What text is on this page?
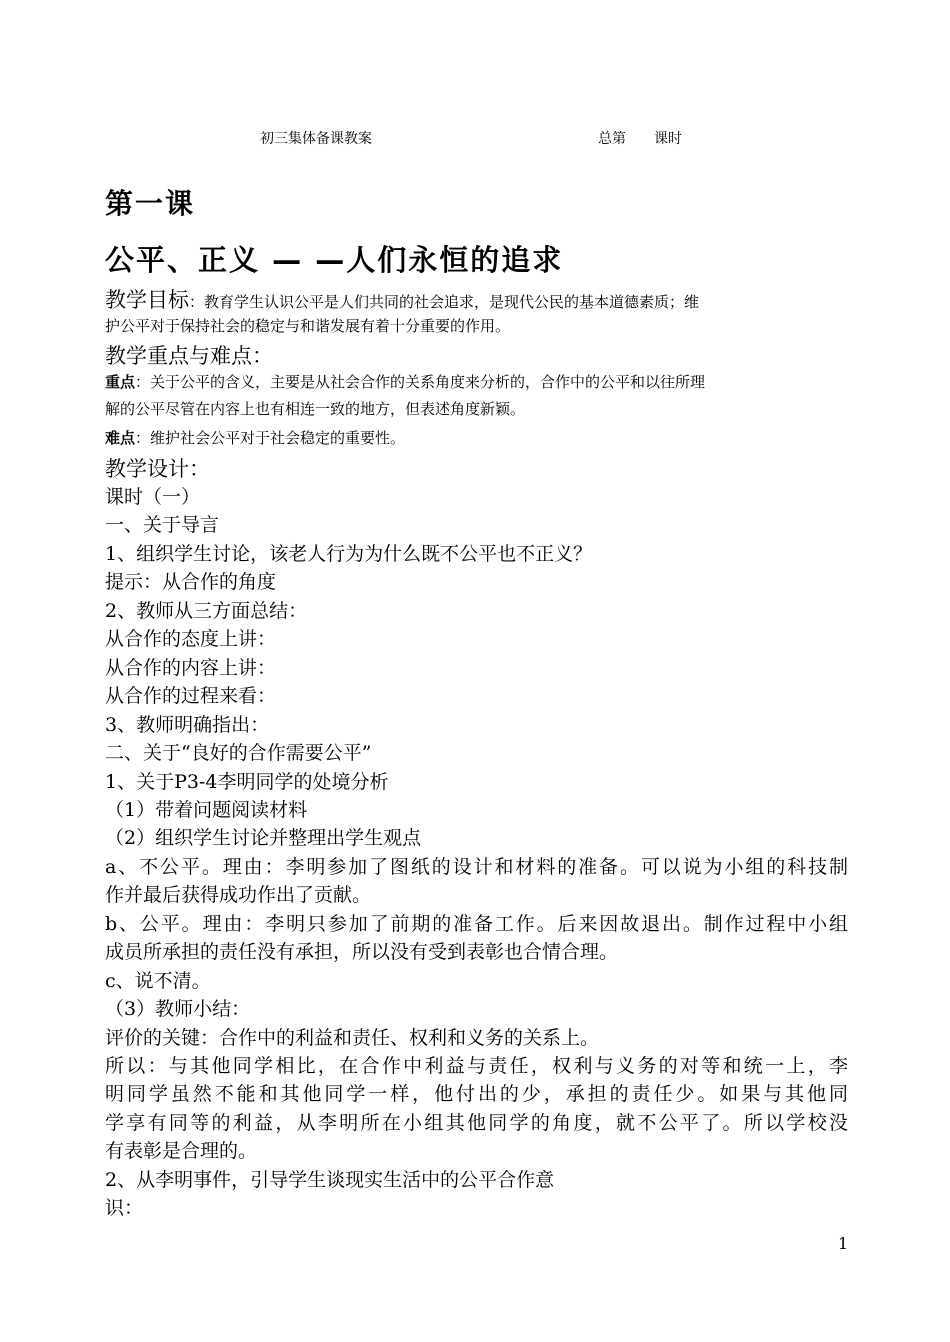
初三集体备课教案	总第　　课时
第一课
公平、正义 — —人们永恒的追求
教学目标：教育学生认识公平是人们共同的社会追求，是现代公民的基本道德素质；维
护公平对于保持社会的稳定与和谐发展有着十分重要的作用。
教学重点与难点：
重点：关于公平的含义，主要是从社会合作的关系角度来分析的，合作中的公平和以往所理
解的公平尽管在内容上也有相连一致的地方，但表述角度新颖。
难点：维护社会公平对于社会稳定的重要性。
教学设计：
课时（一）
一、关于导言
1、组织学生讨论，该老人行为为什么既不公平也不正义？
提示：从合作的角度
2、教师从三方面总结：
从合作的态度上讲：
从合作的内容上讲：
从合作的过程来看：
3、教师明确指出：
二、关于“良好的合作需要公平”
1、关于P3-4李明同学的处境分析
（1）带着问题阅读材料
（2）组织学生讨论并整理出学生观点
a、不公平。理由：李明参加了图纸的设计和材料的准备。可以说为小组的科技制
作并最后获得成功作出了贡献。
b、公平。理由：李明只参加了前期的准备工作。后来因故退出。制作过程中小组
成员所承担的责任没有承担，所以没有受到表彰也合情合理。
c、说不清。
（3）教师小结：
评价的关键：合作中的利益和责任、权利和义务的关系上。
所以：与其他同学相比，在合作中利益与责任，权利与义务的对等和统一上，李
明同学虽然不能和其他同学一样，他付出的少，承担的责任少。如果与其他同
学享有同等的利益，从李明所在小组其他同学的角度，就不公平了。所以学校没
有表彰是合理的。
2、从李明事件，引导学生谈现实生活中的公平合作意
识：
1
